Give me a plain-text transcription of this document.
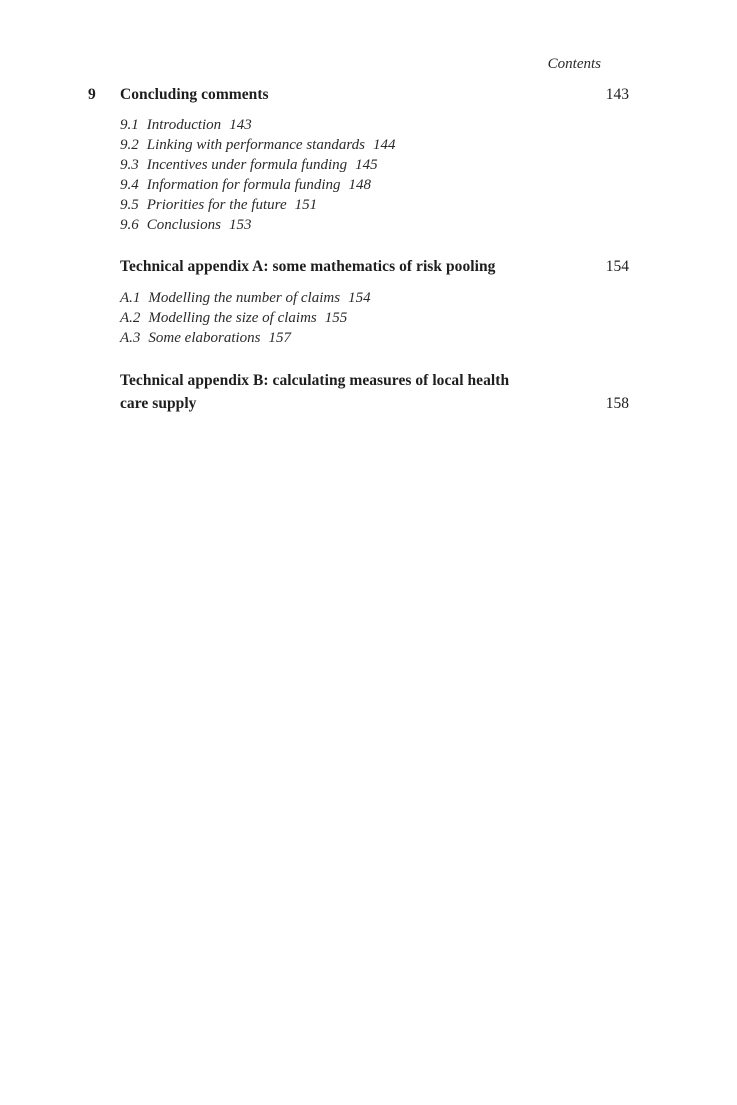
Contents
9 Concluding comments	143
9.1 Introduction 143
9.2 Linking with performance standards 144
9.3 Incentives under formula funding 145
9.4 Information for formula funding 148
9.5 Priorities for the future 151
9.6 Conclusions 153
Technical appendix A: some mathematics of risk pooling	154
A.1 Modelling the number of claims 154
A.2 Modelling the size of claims 155
A.3 Some elaborations 157
Technical appendix B: calculating measures of local health
care supply	158
